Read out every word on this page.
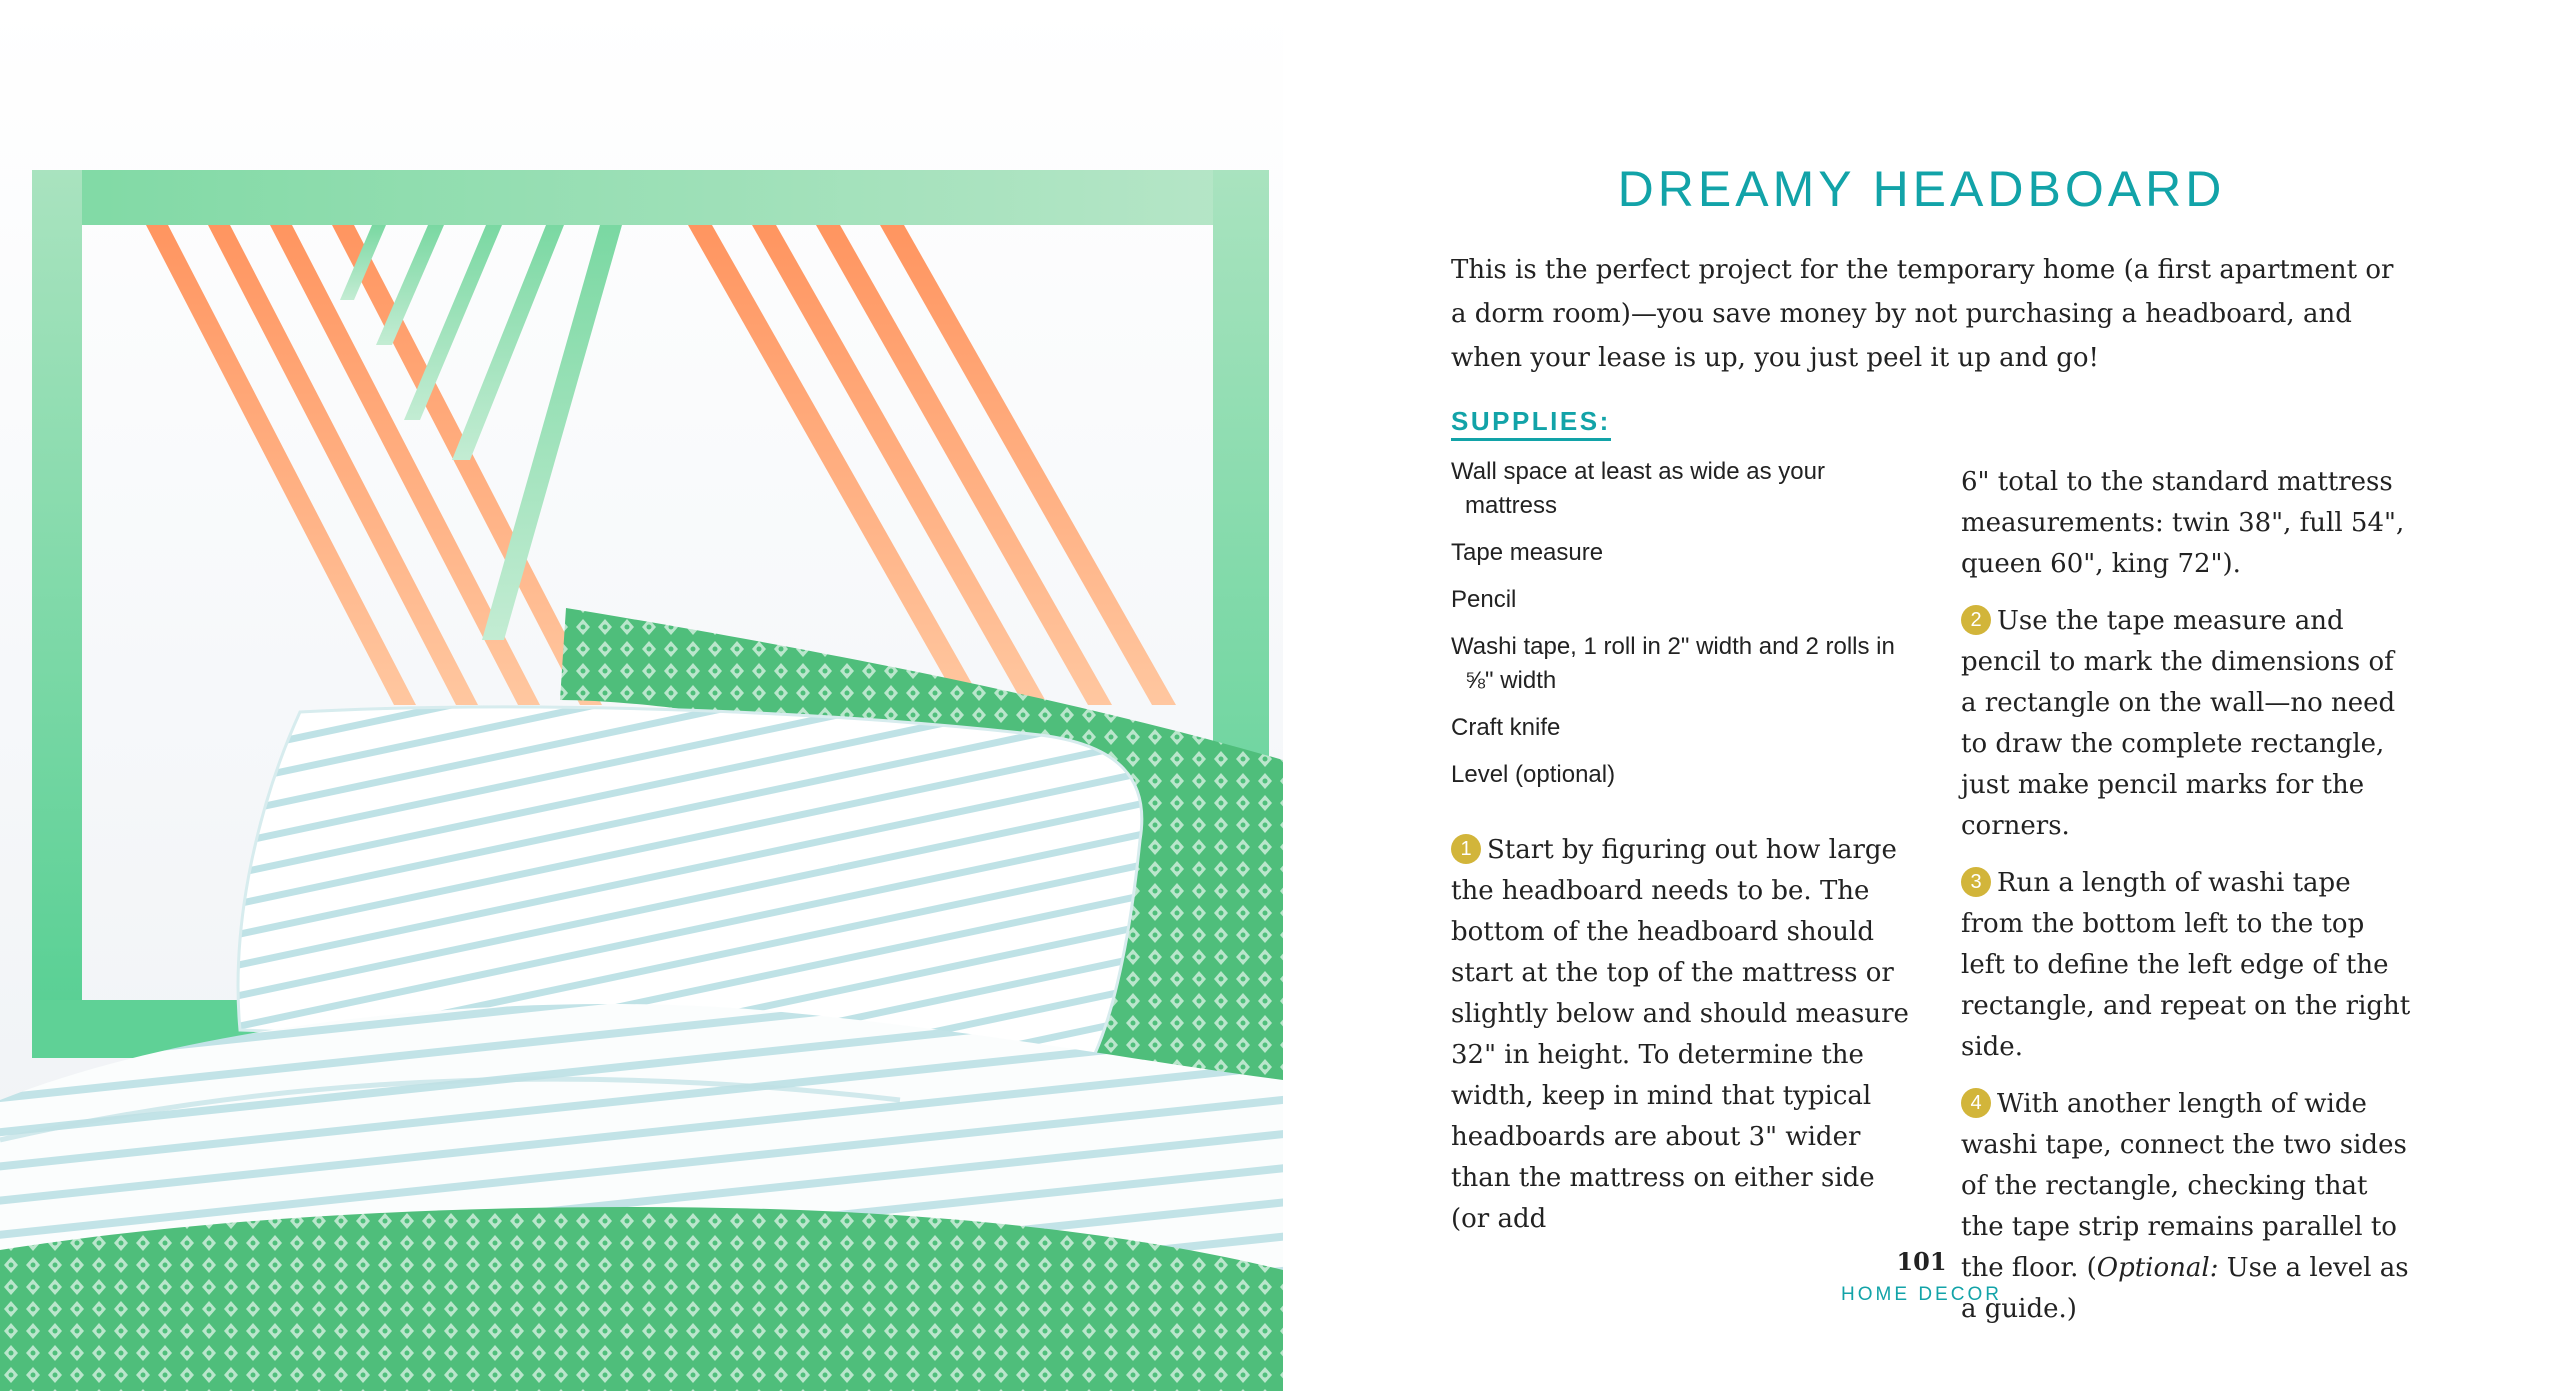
DREAMY HEADBOARD

This is the perfect project for the temporary home (a first apartment or a dorm room)—you save money by not purchasing a headboard, and when your lease is up, you just peel it up and go!

SUPPLIES:

Wall space at least as wide as your mattress

Tape measure

Pencil

Washi tape, 1 roll in 2" width and 2 rolls in ⅝" width

Craft knife

Level (optional)

1 Start by figuring out how large the headboard needs to be. The bottom of the headboard should start at the top of the mattress or slightly below and should measure 32" in height. To determine the width, keep in mind that typical headboards are about 3" wider than the mattress on either side (or add

6" total to the standard mattress measurements: twin 38", full 54", queen 60", king 72").

2 Use the tape measure and pencil to mark the dimensions of a rectangle on the wall—no need to draw the complete rectangle, just make pencil marks for the corners.

3 Run a length of washi tape from the bottom left to the top left to define the left edge of the rectangle, and repeat on the right side.

4 With another length of wide washi tape, connect the two sides of the rectangle, checking that the tape strip remains parallel to the floor. (Optional: Use a level as a guide.)

101
HOME DECOR
